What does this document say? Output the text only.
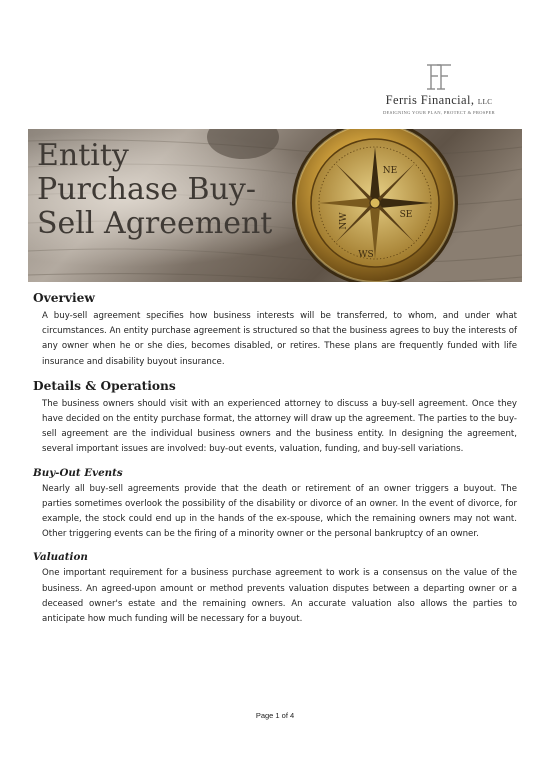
Ferris Financial, LLC
DESIGNING YOUR PLAN, PROTECT & PROSPER
NE
SE
NW
WS
Entity Purchase Buy-Sell Agreement
Overview

A buy-sell agreement specifies how business interests will be transferred, to whom, and under what circumstances. An entity purchase agreement is structured so that the business agrees to buy the interests of any owner when he or she dies, becomes disabled, or retires. These plans are frequently funded with life insurance and disability buyout insurance.

Details & Operations

The business owners should visit with an experienced attorney to discuss a buy-sell agreement. Once they have decided on the entity purchase format, the attorney will draw up the agreement. The parties to the buy-sell agreement are the individual business owners and the business entity. In designing the agreement, several important issues are involved: buy-out events, valuation, funding, and buy-sell variations.

Buy-Out Events

Nearly all buy-sell agreements provide that the death or retirement of an owner triggers a buyout. The parties sometimes overlook the possibility of the disability or divorce of an owner. In the event of divorce, for example, the stock could end up in the hands of the ex-spouse, which the remaining owners may not want. Other triggering events can be the firing of a minority owner or the personal bankruptcy of an owner.

Valuation

One important requirement for a business purchase agreement to work is a consensus on the value of the business. An agreed-upon amount or method prevents valuation disputes between a departing owner or a deceased owner's estate and the remaining owners. An accurate valuation also allows the parties to anticipate how much funding will be necessary for a buyout.

Page 1 of 4
